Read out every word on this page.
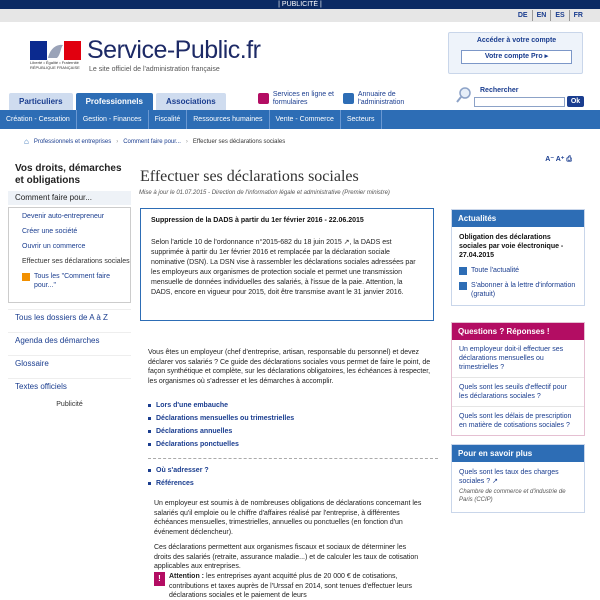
| PUBLICITÉ |
DE	EN	ES	FR
Liberté • Égalité • Fraternité
RÉPUBLIQUE FRANÇAISE
Service-Public.fr
Le site officiel de l'administration française
Accéder à votre compte
Votre compte Pro ▸
Particuliers	Professionnels	Associations
Services en ligne et formulaires
Annuaire de l'administration
Rechercher
Ok
Création - Cessation	Gestion - Finances	Fiscalité	Ressources humaines	Vente - Commerce	Secteurs
⌂ Professionnels et entreprises › Comment faire pour... › Effectuer ses déclarations sociales
A⁻ A⁺ ⎙
Vos droits, démarches et obligations
Comment faire pour...
Devenir auto-entrepreneur
Créer une société
Ouvrir un commerce
Effectuer ses déclarations sociales
Tous les "Comment faire pour..."
Tous les dossiers de A à Z
Agenda des démarches
Glossaire
Textes officiels
Publicité
Effectuer ses déclarations sociales
Mise à jour le 01.07.2015 - Direction de l'information légale et administrative (Premier ministre)
Suppression de la DADS à partir du 1er février 2016 - 22.06.2015
Selon l'article 10 de l'ordonnance n°2015-682 du 18 juin 2015 ↗, la DADS est supprimée à partir du 1er février 2016 et remplacée par la déclaration sociale nominative (DSN). La DSN vise à rassembler les déclarations sociales adressées par les employeurs aux organismes de protection sociale et permet une transmission mensuelle de données individuelles des salariés, à l'issue de la paie. Attention, la DADS, encore en vigueur pour 2015, doit être transmise avant le 31 janvier 2016.
Vous êtes un employeur (chef d'entreprise, artisan, responsable du personnel) et devez déclarer vos salariés ? Ce guide des déclarations sociales vous permet de faire le point, de façon synthétique et complète, sur les déclarations obligatoires, les échéances à respecter, les organismes où s'adresser et les démarches à accomplir.
Lors d'une embauche
Déclarations mensuelles ou trimestrielles
Déclarations annuelles
Déclarations ponctuelles
Où s'adresser ?
Références
Un employeur est soumis à de nombreuses obligations de déclarations concernant les salariés qu'il emploie ou le chiffre d'affaires réalisé par l'entreprise, à différentes échéances mensuelles, trimestrielles, annuelles ou ponctuelles (en fonction d'un événement déclencheur).
Ces déclarations permettent aux organismes fiscaux et sociaux de déterminer les droits des salariés (retraite, assurance maladie...) et de calculer les taux de cotisation applicables aux entreprises.
!	Attention : les entreprises ayant acquitté plus de 20 000 € de cotisations, contributions et taxes auprès de l'Urssaf en 2014, sont tenues d'effectuer leurs déclarations sociales et le paiement de leurs
Actualités
Obligation des déclarations sociales par voie électronique - 27.04.2015
Toute l'actualité
S'abonner à la lettre d'information (gratuit)
Questions ? Réponses !
Un employeur doit-il effectuer ses déclarations mensuelles ou trimestrielles ?
Quels sont les seuils d'effectif pour les déclarations sociales ?
Quels sont les délais de prescription en matière de cotisations sociales ?
Pour en savoir plus
Quels sont les taux des charges sociales ? ↗
Chambre de commerce et d'industrie de Paris (CCIP)
